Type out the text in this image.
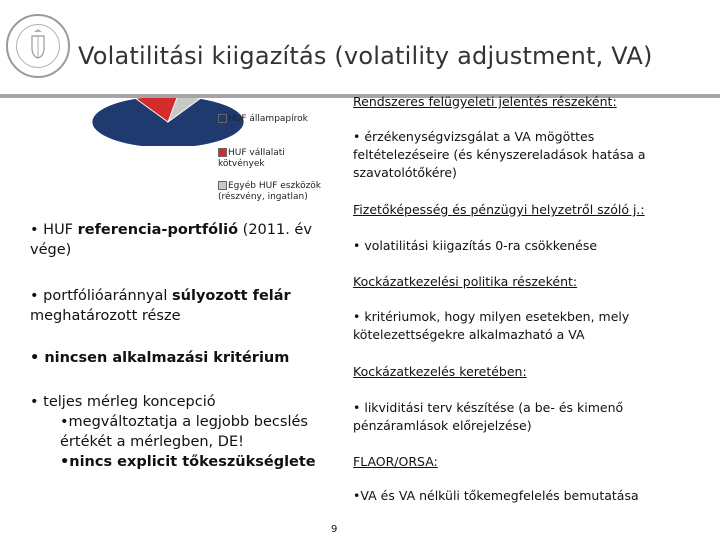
Volatilitási kiigazítás (volatility adjustment, VA)
HUF állampapírok
HUF vállalati kötvények
Egyéb HUF eszközök (részvény, ingatlan)
• HUF referencia-portfólió (2011. év vége)
• portfólióaránnyal súlyozott felár meghatározott része
• nincsen alkalmazási kritérium
• teljes mérleg koncepció
•megváltoztatja a legjobb becslés értékét a mérlegben, DE!
•nincs explicit tőkeszükséglete
Rendszeres felügyeleti jelentés részeként:
• érzékenységvizsgálat a VA mögöttes feltételezéseire (és kényszereladások hatása a szavatolótőkére)
Fizetőképesség és pénzügyi helyzetről szóló j.:
• volatilitási kiigazítás 0-ra csökkenése
Kockázatkezelési politika részeként:
• kritériumok, hogy milyen esetekben, mely kötelezettségekre alkalmazható a VA
Kockázatkezelés keretében:
• likviditási terv készítése (a be- és kimenő pénzáramlások előrejelzése)
FLAOR/ORSA:
•VA és VA nélküli tőkemegfelelés bemutatása
9
